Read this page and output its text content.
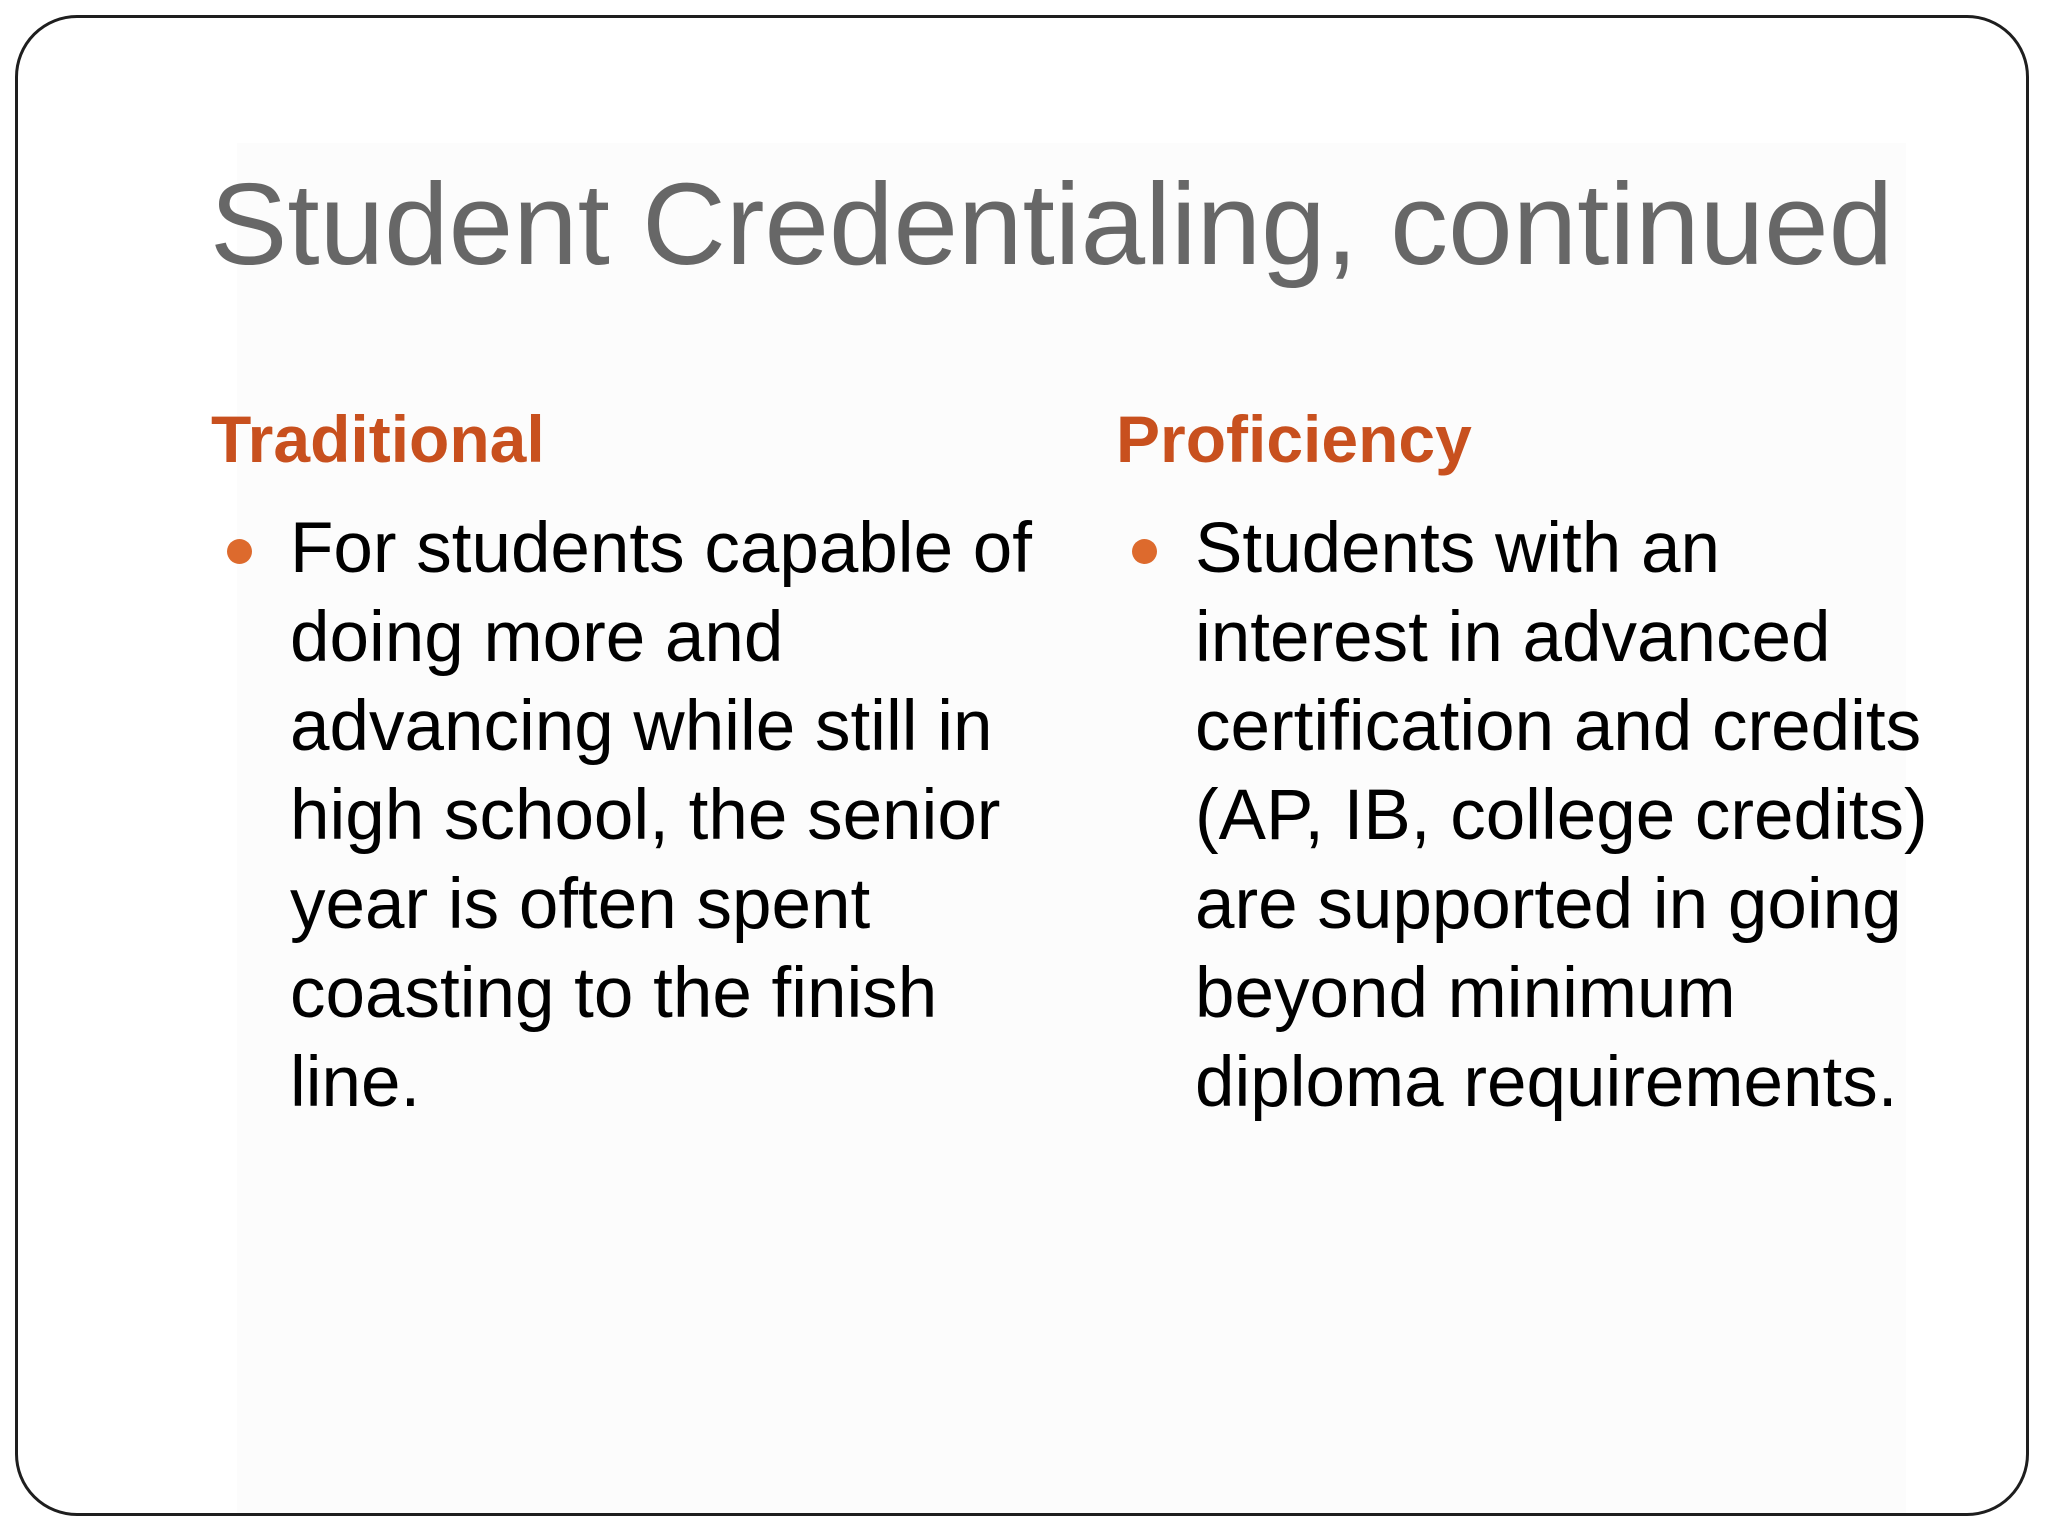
Student Credentialing, continued
Traditional

For students capable of doing more and advancing while still in high school, the senior year is often spent coasting to the finish line.

Proficiency

Students with an interest in advanced certification and credits (AP, IB, college credits) are supported in going beyond minimum diploma requirements.
